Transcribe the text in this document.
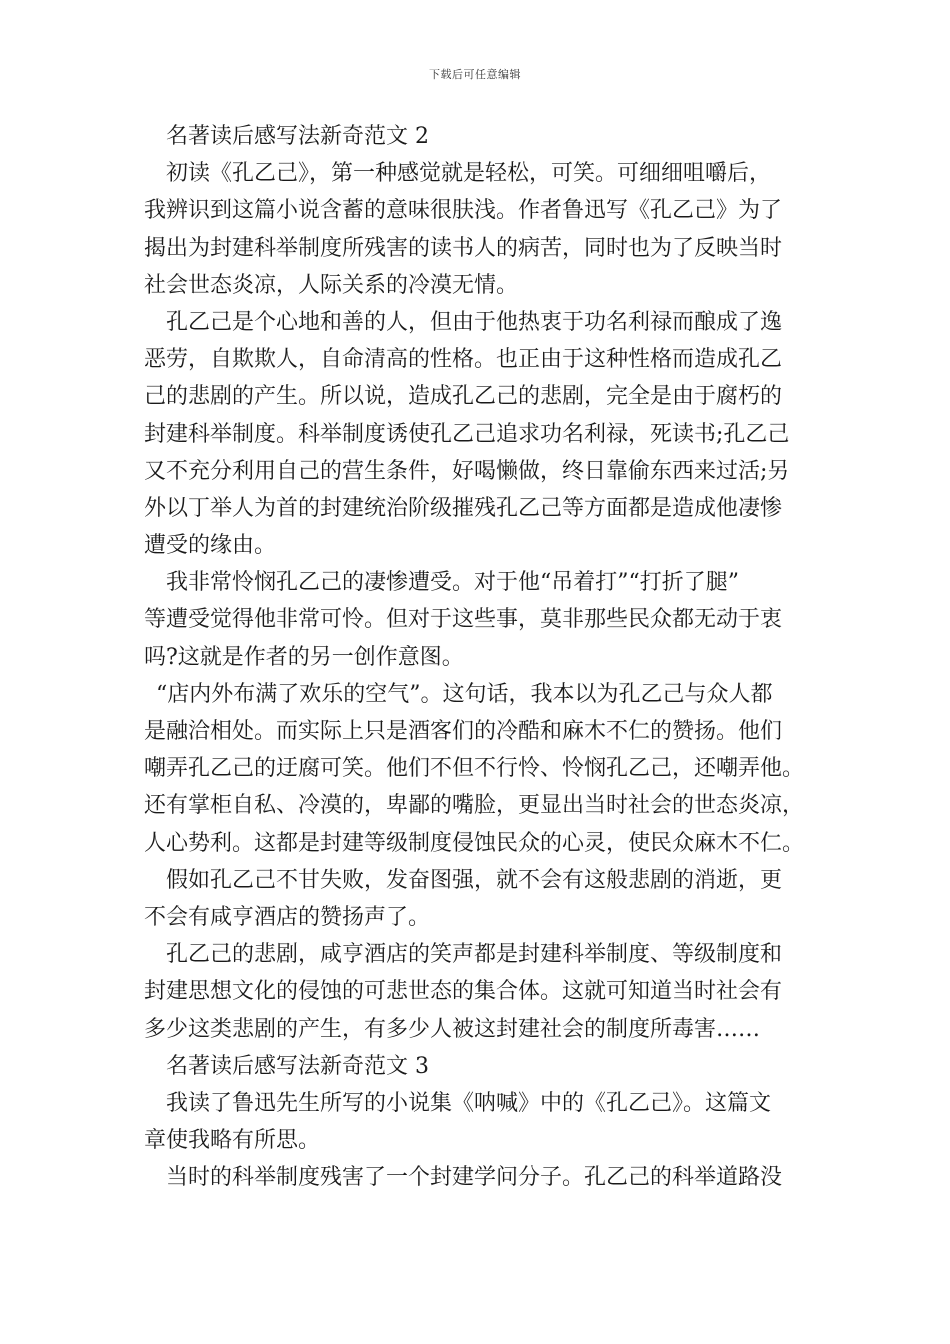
下载后可任意编辑
名著读后感写法新奇范文 2
初读《孔乙己》，第一种感觉就是轻松，可笑。可细细咀嚼后，
我辨识到这篇小说含蓄的意味很肤浅。作者鲁迅写《孔乙己》为了
揭出为封建科举制度所残害的读书人的病苦，同时也为了反映当时
社会世态炎凉，人际关系的冷漠无情。
孔乙己是个心地和善的人，但由于他热衷于功名利禄而酿成了逸
恶劳，自欺欺人，自命清高的性格。也正由于这种性格而造成孔乙
己的悲剧的产生。所以说，造成孔乙己的悲剧，完全是由于腐朽的
封建科举制度。科举制度诱使孔乙己追求功名利禄，死读书;孔乙己
又不充分利用自己的营生条件，好喝懒做，终日靠偷东西来过活;另
外以丁举人为首的封建统治阶级摧残孔乙己等方面都是造成他凄惨
遭受的缘由。
我非常怜悯孔乙己的凄惨遭受。对于他“吊着打”“打折了腿”
等遭受觉得他非常可怜。但对于这些事，莫非那些民众都无动于衷
吗?这就是作者的另一创作意图。
“店内外布满了欢乐的空气”。这句话，我本以为孔乙己与众人都
是融洽相处。而实际上只是酒客们的冷酷和麻木不仁的赞扬。他们
嘲弄孔乙己的迂腐可笑。他们不但不行怜、怜悯孔乙己，还嘲弄他。
还有掌柜自私、冷漠的，卑鄙的嘴脸，更显出当时社会的世态炎凉，
人心势利。这都是封建等级制度侵蚀民众的心灵，使民众麻木不仁。
假如孔乙己不甘失败，发奋图强，就不会有这般悲剧的消逝，更
不会有咸亨酒店的赞扬声了。
孔乙己的悲剧，咸亨酒店的笑声都是封建科举制度、等级制度和
封建思想文化的侵蚀的可悲世态的集合体。这就可知道当时社会有
多少这类悲剧的产生，有多少人被这封建社会的制度所毒害……
名著读后感写法新奇范文 3
我读了鲁迅先生所写的小说集《呐喊》中的《孔乙己》。这篇文
章使我略有所思。
当时的科举制度残害了一个封建学问分子。孔乙己的科举道路没
